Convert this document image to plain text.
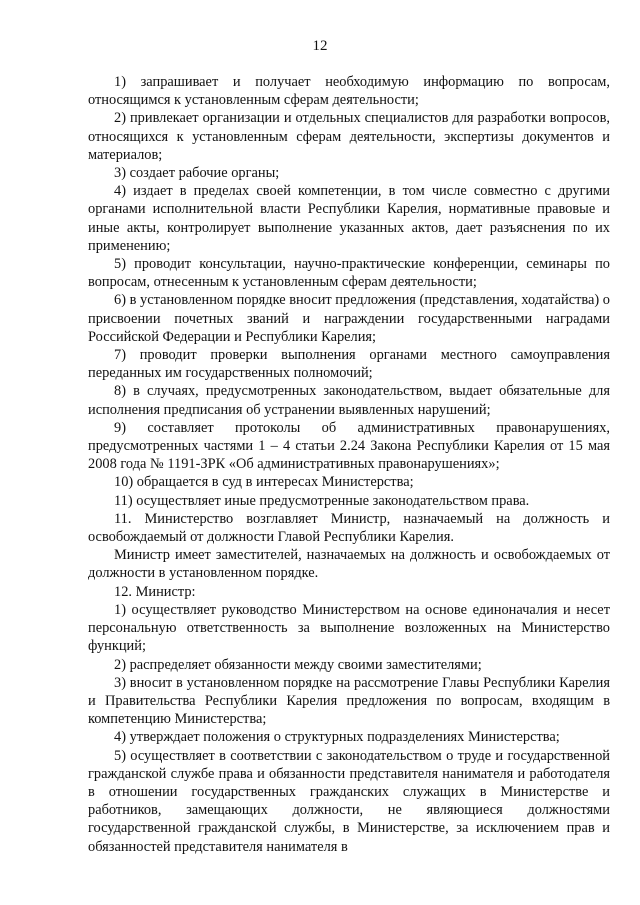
12

1) запрашивает и получает необходимую информацию по вопросам, относящимся к установленным сферам деятельности;

2) привлекает организации и отдельных специалистов для разработки вопросов, относящихся к установленным сферам деятельности, экспертизы документов и материалов;

3) создает рабочие органы;

4) издает в пределах своей компетенции, в том числе совместно с другими органами исполнительной власти Республики Карелия, нормативные правовые и иные акты, контролирует выполнение указанных актов, дает разъяснения по их применению;

5) проводит консультации, научно-практические конференции, семинары по вопросам, отнесенным к установленным сферам деятельности;

6) в установленном порядке вносит предложения (представления, ходатайства) о присвоении почетных званий и награждении государственными наградами Российской Федерации и Республики Карелия;

7) проводит проверки выполнения органами местного самоуправления переданных им государственных полномочий;

8) в случаях, предусмотренных законодательством, выдает обязательные для исполнения предписания об устранении выявленных нарушений;

9) составляет протоколы об административных правонарушениях, предусмотренных частями 1 – 4 статьи 2.24 Закона Республики Карелия от 15 мая 2008 года № 1191-ЗРК «Об административных правонарушениях»;

10) обращается в суд в интересах Министерства;

11) осуществляет иные предусмотренные законодательством права.

11. Министерство возглавляет Министр, назначаемый на должность и освобождаемый от должности Главой Республики Карелия.

Министр имеет заместителей, назначаемых на должность и освобождаемых от должности в установленном порядке.

12. Министр:

1) осуществляет руководство Министерством на основе единоначалия и несет персональную ответственность за выполнение возложенных на Министерство функций;

2) распределяет обязанности между своими заместителями;

3) вносит в установленном порядке на рассмотрение Главы Республики Карелия и Правительства Республики Карелия предложения по вопросам, входящим в компетенцию Министерства;

4) утверждает положения о структурных подразделениях Министерства;

5) осуществляет в соответствии с законодательством о труде и государственной гражданской службе права и обязанности представителя нанимателя и работодателя в отношении государственных гражданских служащих в Министерстве и работников, замещающих должности, не являющиеся должностями государственной гражданской службы, в Министерстве, за исключением прав и обязанностей представителя нанимателя в
